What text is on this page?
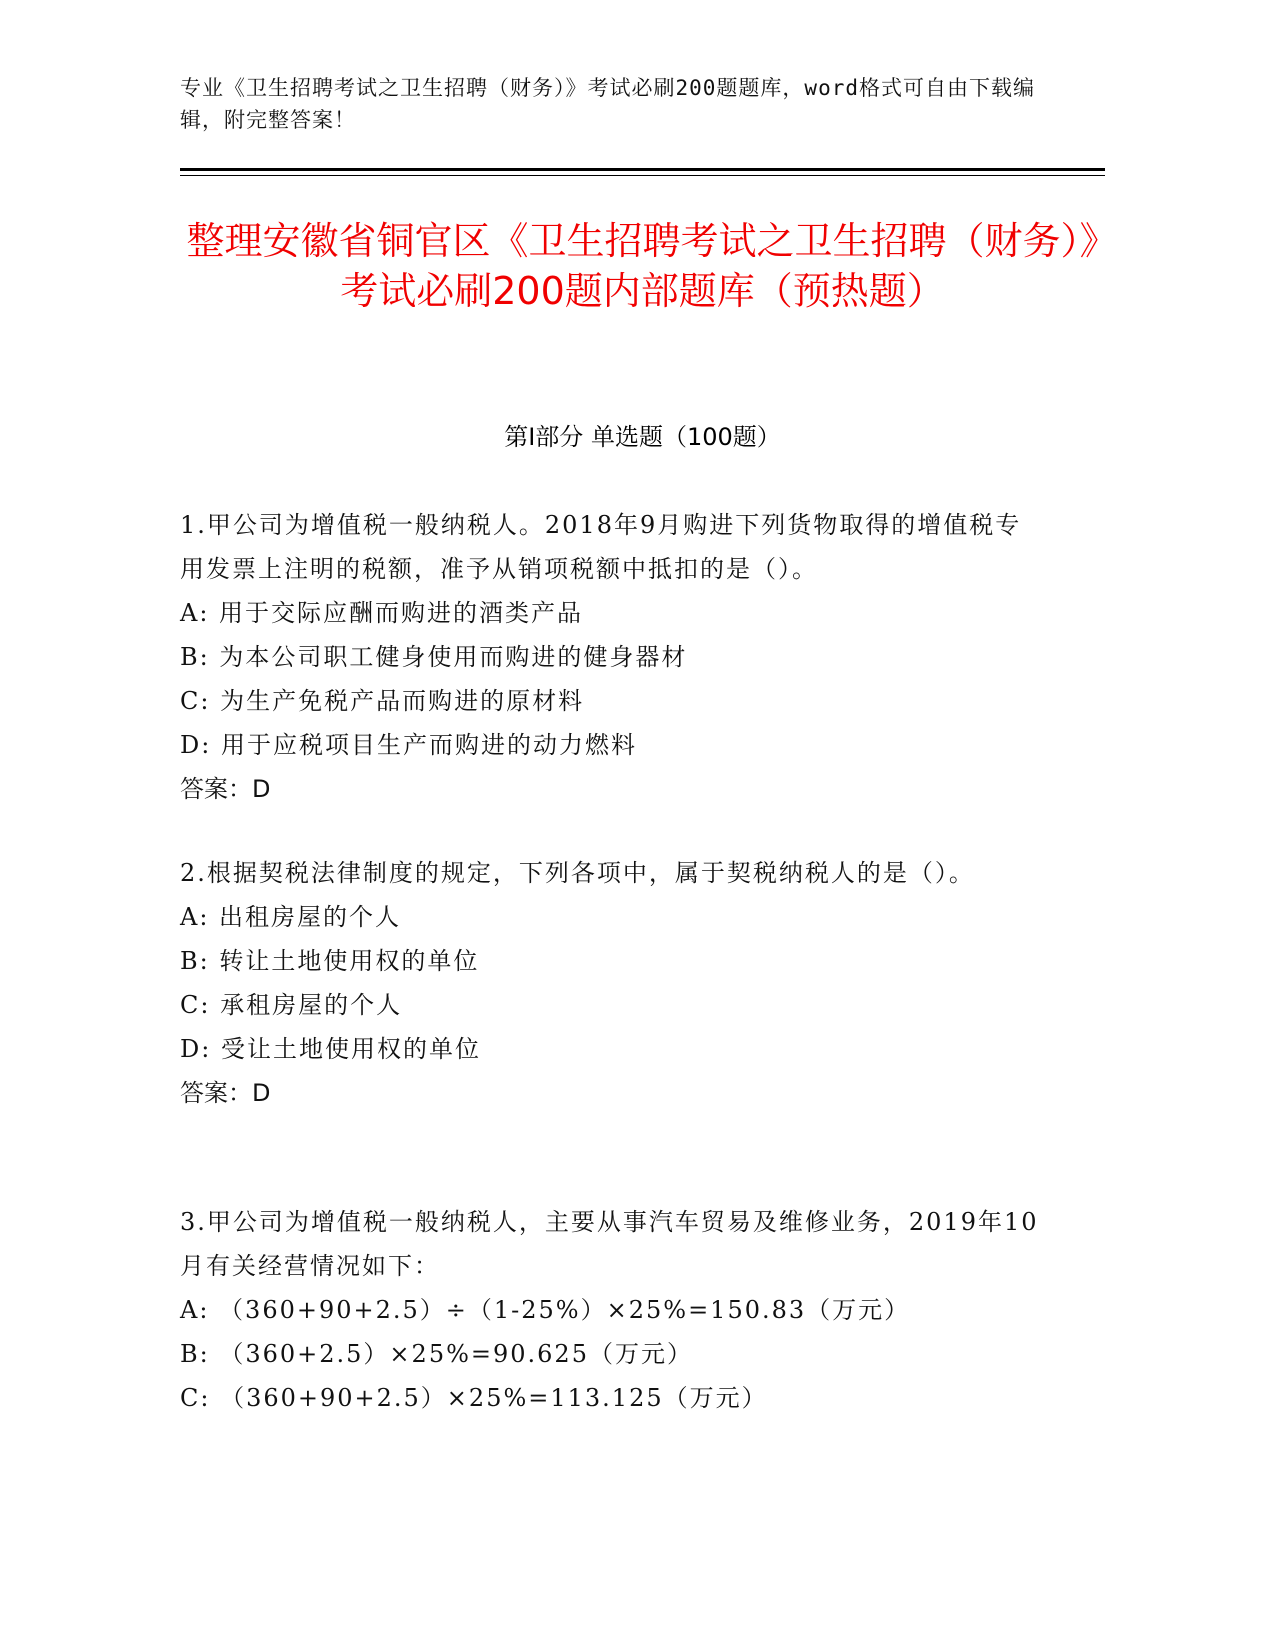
专业《卫生招聘考试之卫生招聘（财务）》考试必刷200题题库，word格式可自由下载编辑，附完整答案！
整理安徽省铜官区《卫生招聘考试之卫生招聘（财务）》考试必刷200题内部题库（预热题）
第I部分 单选题（100题）
1.甲公司为增值税一般纳税人。2018年9月购进下列货物取得的增值税专用发票上注明的税额，准予从销项税额中抵扣的是（）。
A: 用于交际应酬而购进的酒类产品
B: 为本公司职工健身使用而购进的健身器材
C: 为生产免税产品而购进的原材料
D: 用于应税项目生产而购进的动力燃料
答案：D
2.根据契税法律制度的规定，下列各项中，属于契税纳税人的是（）。
A: 出租房屋的个人
B: 转让土地使用权的单位
C: 承租房屋的个人
D: 受让土地使用权的单位
答案：D
3.甲公司为增值税一般纳税人，主要从事汽车贸易及维修业务，2019年10月有关经营情况如下：
A: （360+90+2.5）÷（1-25%）×25%=150.83（万元）
B: （360+2.5）×25%=90.625（万元）
C: （360+90+2.5）×25%=113.125（万元）
